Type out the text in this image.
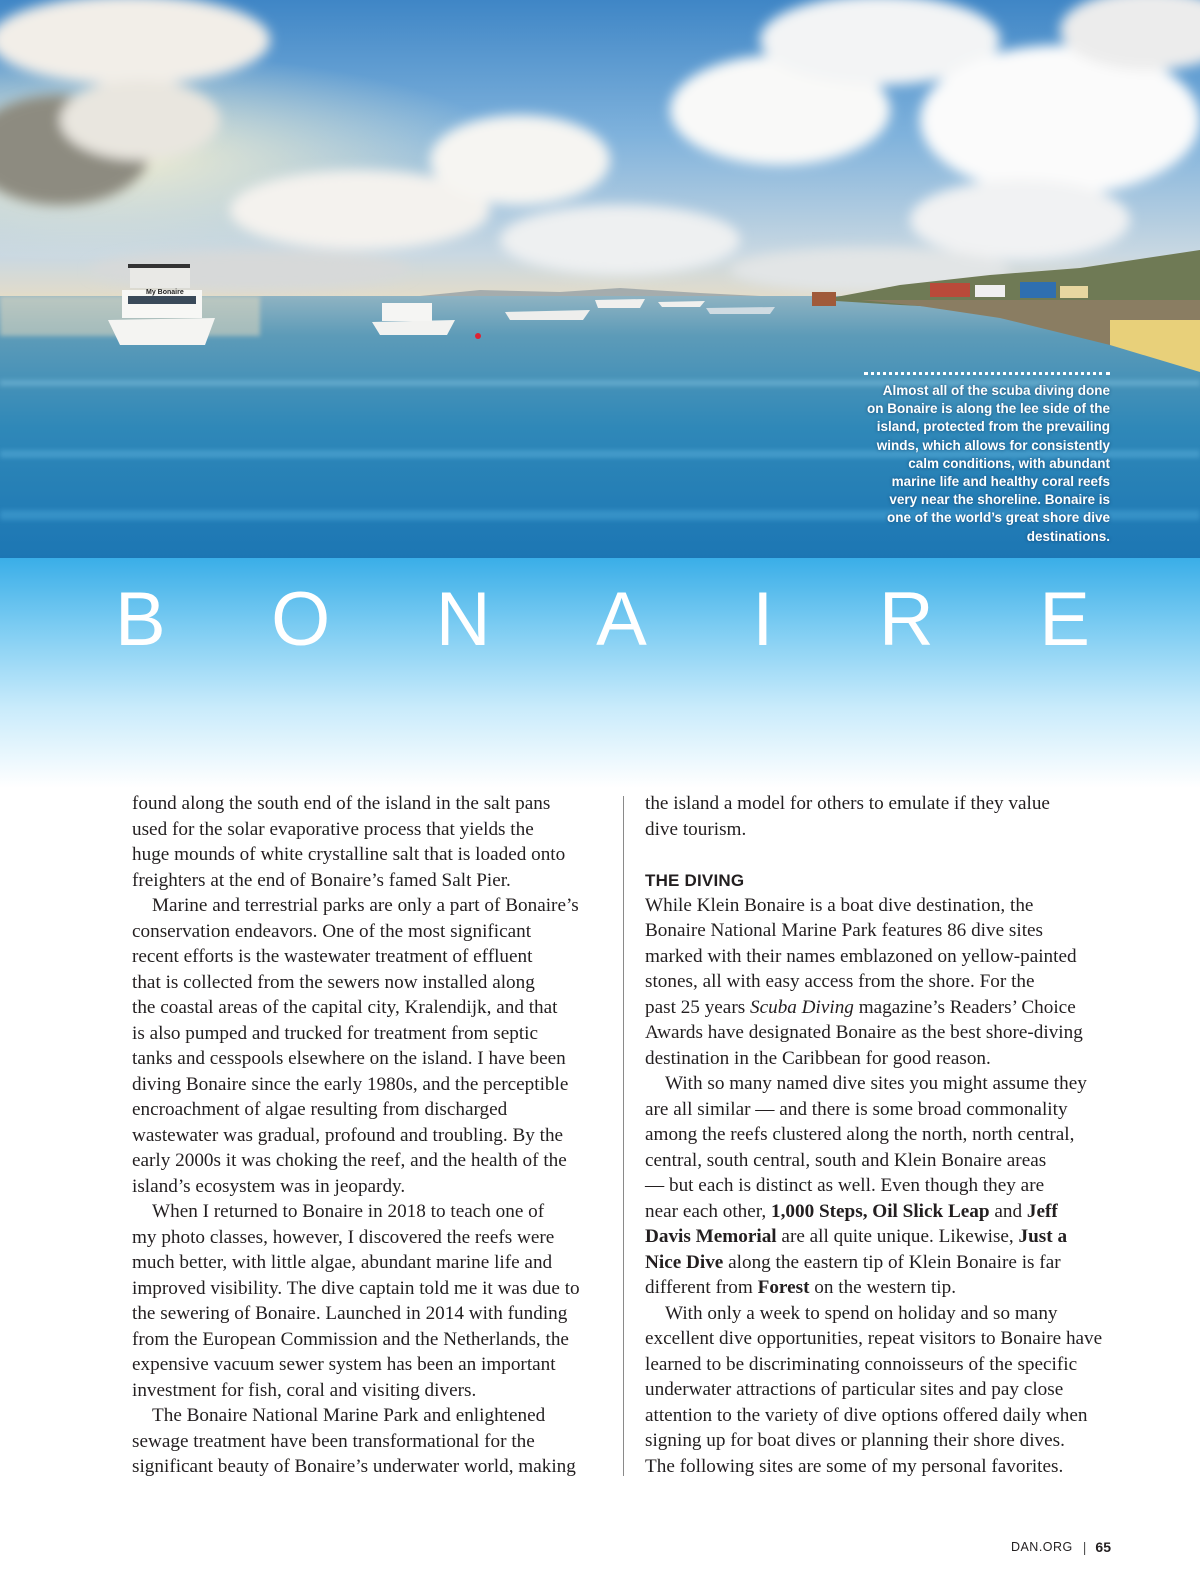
My Bonaire
Almost all of the scuba diving done on Bonaire is along the lee side of the island, protected from the prevailing winds, which allows for consistently calm conditions, with abundant marine life and healthy coral reefs very near the shoreline. Bonaire is one of the world’s great shore dive destinations.
B O N A I R E

found along the south end of the island in the salt pans
used for the solar evaporative process that yields the
huge mounds of white crystalline salt that is loaded onto
freighters at the end of Bonaire’s famed Salt Pier.

Marine and terrestrial parks are only a part of Bonaire’s
conservation endeavors. One of the most significant
recent efforts is the wastewater treatment of effluent
that is collected from the sewers now installed along
the coastal areas of the capital city, Kralendijk, and that
is also pumped and trucked for treatment from septic
tanks and cesspools elsewhere on the island. I have been
diving Bonaire since the early 1980s, and the perceptible
encroachment of algae resulting from discharged
wastewater was gradual, profound and troubling. By the
early 2000s it was choking the reef, and the health of the
island’s ecosystem was in jeopardy.

When I returned to Bonaire in 2018 to teach one of
my photo classes, however, I discovered the reefs were
much better, with little algae, abundant marine life and
improved visibility. The dive captain told me it was due to
the sewering of Bonaire. Launched in 2014 with funding
from the European Commission and the Netherlands, the
expensive vacuum sewer system has been an important
investment for fish, coral and visiting divers.

The Bonaire National Marine Park and enlightened
sewage treatment have been transformational for the
significant beauty of Bonaire’s underwater world, making

the island a model for others to emulate if they value
dive tourism.

THE DIVING

While Klein Bonaire is a boat dive destination, the
Bonaire National Marine Park features 86 dive sites
marked with their names emblazoned on yellow-painted
stones, all with easy access from the shore. For the
past 25 years Scuba Diving magazine’s Readers’ Choice
Awards have designated Bonaire as the best shore-diving
destination in the Caribbean for good reason.

With so many named dive sites you might assume they
are all similar — and there is some broad commonality
among the reefs clustered along the north, north central,
central, south central, south and Klein Bonaire areas
— but each is distinct as well. Even though they are
near each other, 1,000 Steps, Oil Slick Leap and Jeff
Davis Memorial are all quite unique. Likewise, Just a
Nice Dive along the eastern tip of Klein Bonaire is far
different from Forest on the western tip.

With only a week to spend on holiday and so many
excellent dive opportunities, repeat visitors to Bonaire have
learned to be discriminating connoisseurs of the specific
underwater attractions of particular sites and pay close
attention to the variety of dive options offered daily when
signing up for boat dives or planning their shore dives.
The following sites are some of my personal favorites.

DAN.ORG | 65
